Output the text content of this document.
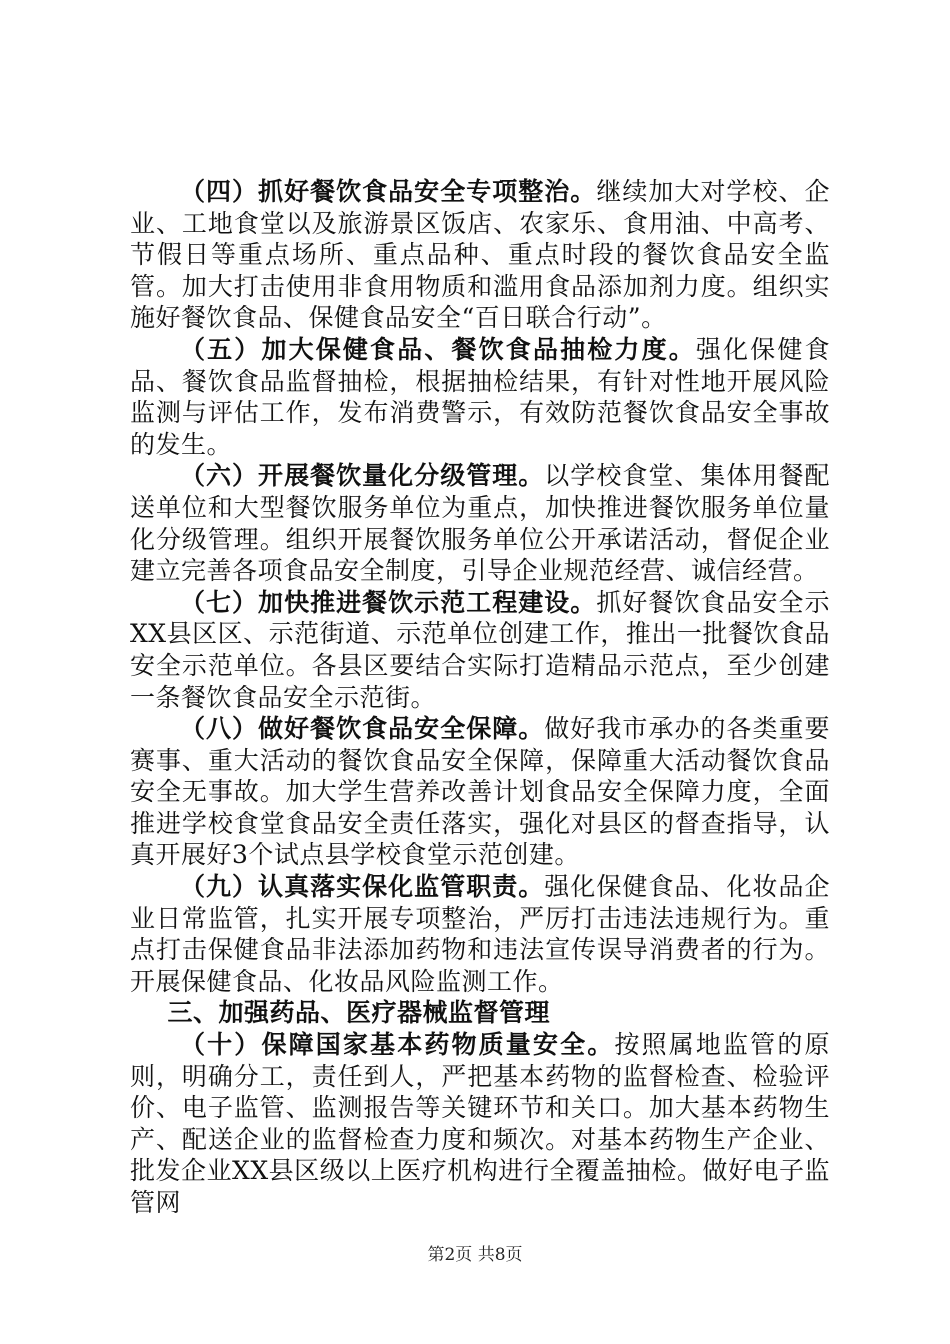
（四）抓好餐饮食品安全专项整治。继续加大对学校、企业、工地食堂以及旅游景区饭店、农家乐、食用油、中高考、节假日等重点场所、重点品种、重点时段的餐饮食品安全监管。加大打击使用非食用物质和滥用食品添加剂力度。组织实施好餐饮食品、保健食品安全“百日联合行动”。

（五）加大保健食品、餐饮食品抽检力度。强化保健食品、餐饮食品监督抽检，根据抽检结果，有针对性地开展风险监测与评估工作，发布消费警示，有效防范餐饮食品安全事故的发生。

（六）开展餐饮量化分级管理。以学校食堂、集体用餐配送单位和大型餐饮服务单位为重点，加快推进餐饮服务单位量化分级管理。组织开展餐饮服务单位公开承诺活动，督促企业建立完善各项食品安全制度，引导企业规范经营、诚信经营。

（七）加快推进餐饮示范工程建设。抓好餐饮食品安全示XX县区区、示范街道、示范单位创建工作，推出一批餐饮食品安全示范单位。各县区要结合实际打造精品示范点，至少创建一条餐饮食品安全示范街。

（八）做好餐饮食品安全保障。做好我市承办的各类重要赛事、重大活动的餐饮食品安全保障，保障重大活动餐饮食品安全无事故。加大学生营养改善计划食品安全保障力度，全面推进学校食堂食品安全责任落实，强化对县区的督查指导，认真开展好3个试点县学校食堂示范创建。

（九）认真落实保化监管职责。强化保健食品、化妆品企业日常监管，扎实开展专项整治，严厉打击违法违规行为。重点打击保健食品非法添加药物和违法宣传误导消费者的行为。开展保健食品、化妆品风险监测工作。

三、加强药品、医疗器械监督管理

（十）保障国家基本药物质量安全。按照属地监管的原则，明确分工，责任到人，严把基本药物的监督检查、检验评价、电子监管、监测报告等关键环节和关口。加大基本药物生产、配送企业的监督检查力度和频次。对基本药物生产企业、批发企业XX县区级以上医疗机构进行全覆盖抽检。做好电子监管网

第2页 共8页
